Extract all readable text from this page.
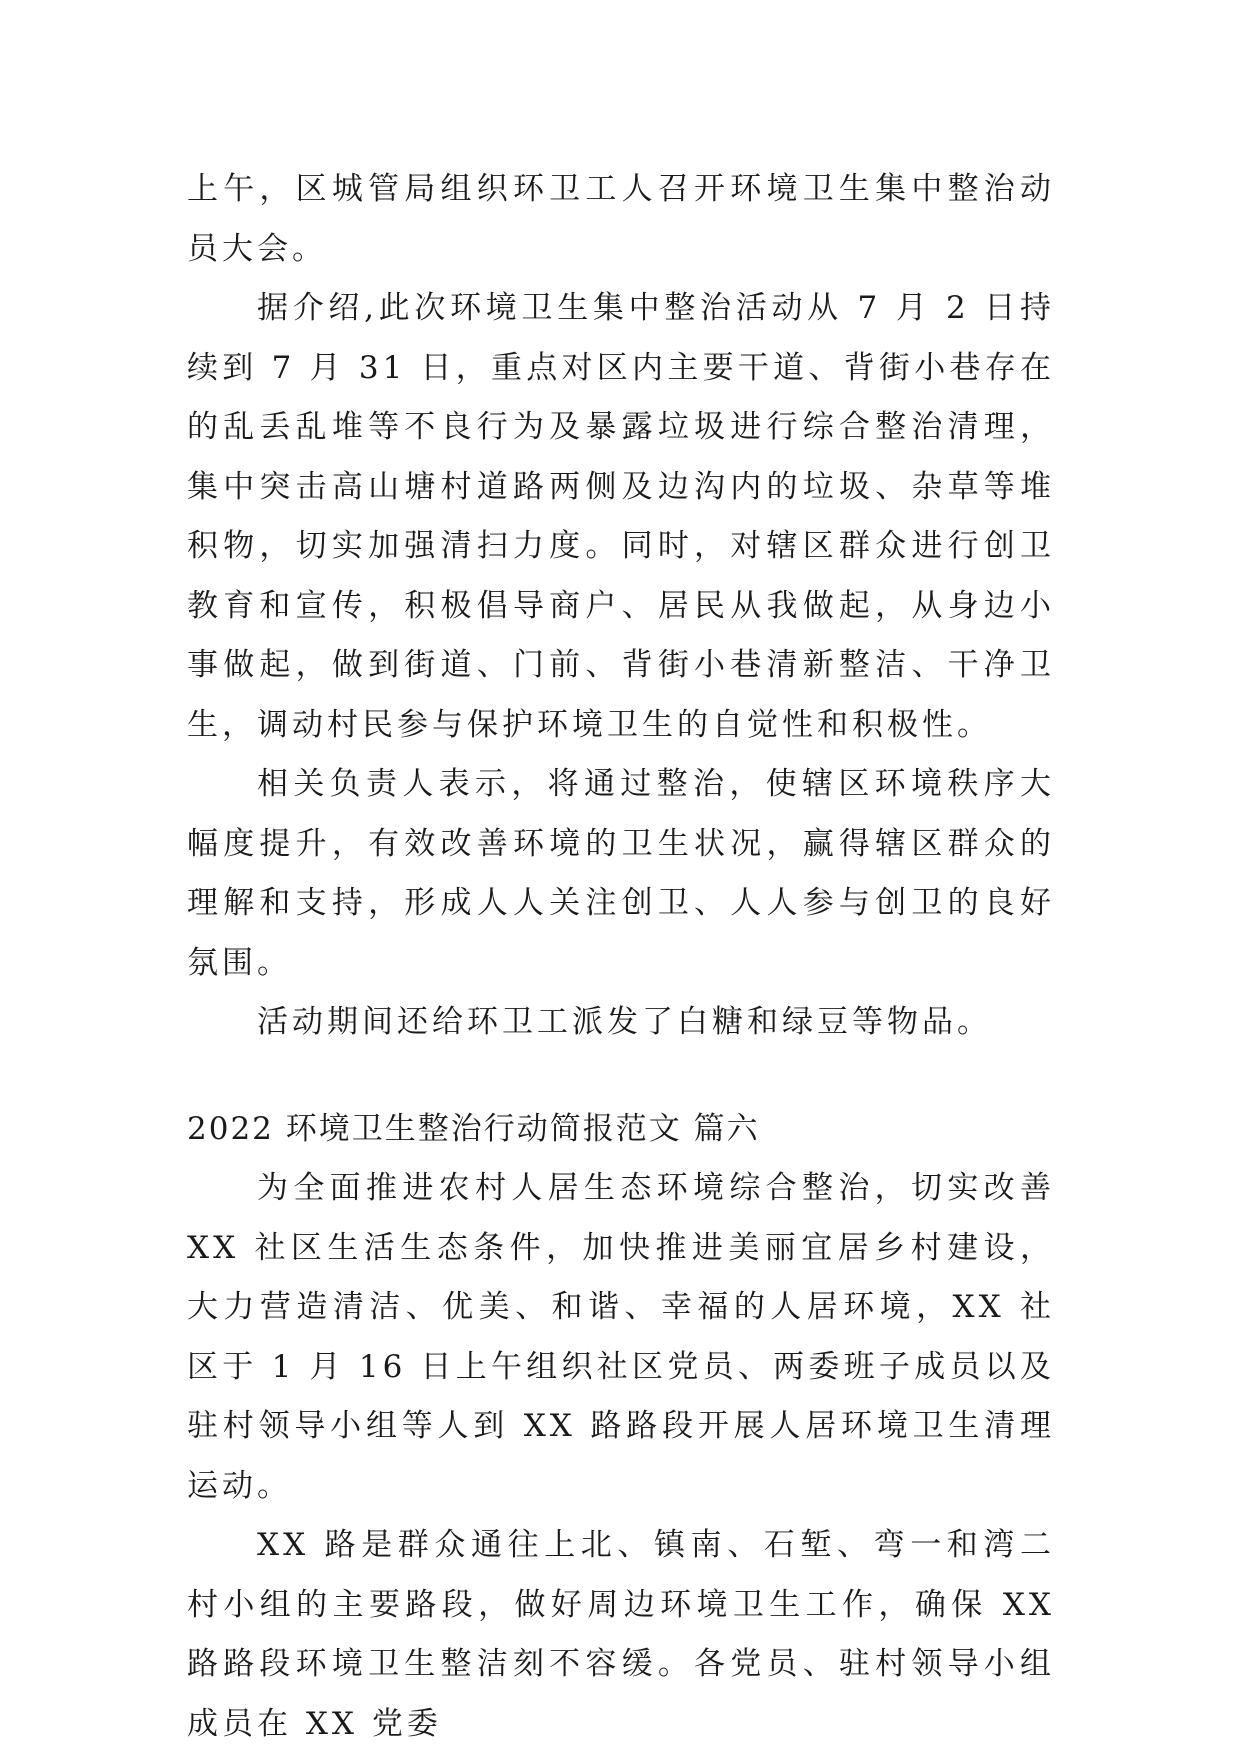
上午，区城管局组织环卫工人召开环境卫生集中整治动员大会。

据介绍,此次环境卫生集中整治活动从 7 月 2 日持续到 7 月 31 日，重点对区内主要干道、背街小巷存在的乱丢乱堆等不良行为及暴露垃圾进行综合整治清理，集中突击高山塘村道路两侧及边沟内的垃圾、杂草等堆积物，切实加强清扫力度。同时，对辖区群众进行创卫教育和宣传，积极倡导商户、居民从我做起，从身边小事做起，做到街道、门前、背街小巷清新整洁、干净卫生，调动村民参与保护环境卫生的自觉性和积极性。

相关负责人表示，将通过整治，使辖区环境秩序大幅度提升，有效改善环境的卫生状况，赢得辖区群众的理解和支持，形成人人关注创卫、人人参与创卫的良好氛围。

活动期间还给环卫工派发了白糖和绿豆等物品。

2022 环境卫生整治行动简报范文 篇六

为全面推进农村人居生态环境综合整治，切实改善 XX 社区生活生态条件，加快推进美丽宜居乡村建设，大力营造清洁、优美、和谐、幸福的人居环境，XX 社区于 1 月 16 日上午组织社区党员、两委班子成员以及驻村领导小组等人到 XX 路路段开展人居环境卫生清理运动。

XX 路是群众通往上北、镇南、石堑、弯一和湾二村小组的主要路段，做好周边环境卫生工作，确保 XX 路路段环境卫生整洁刻不容缓。各党员、驻村领导小组成员在 XX 党委
